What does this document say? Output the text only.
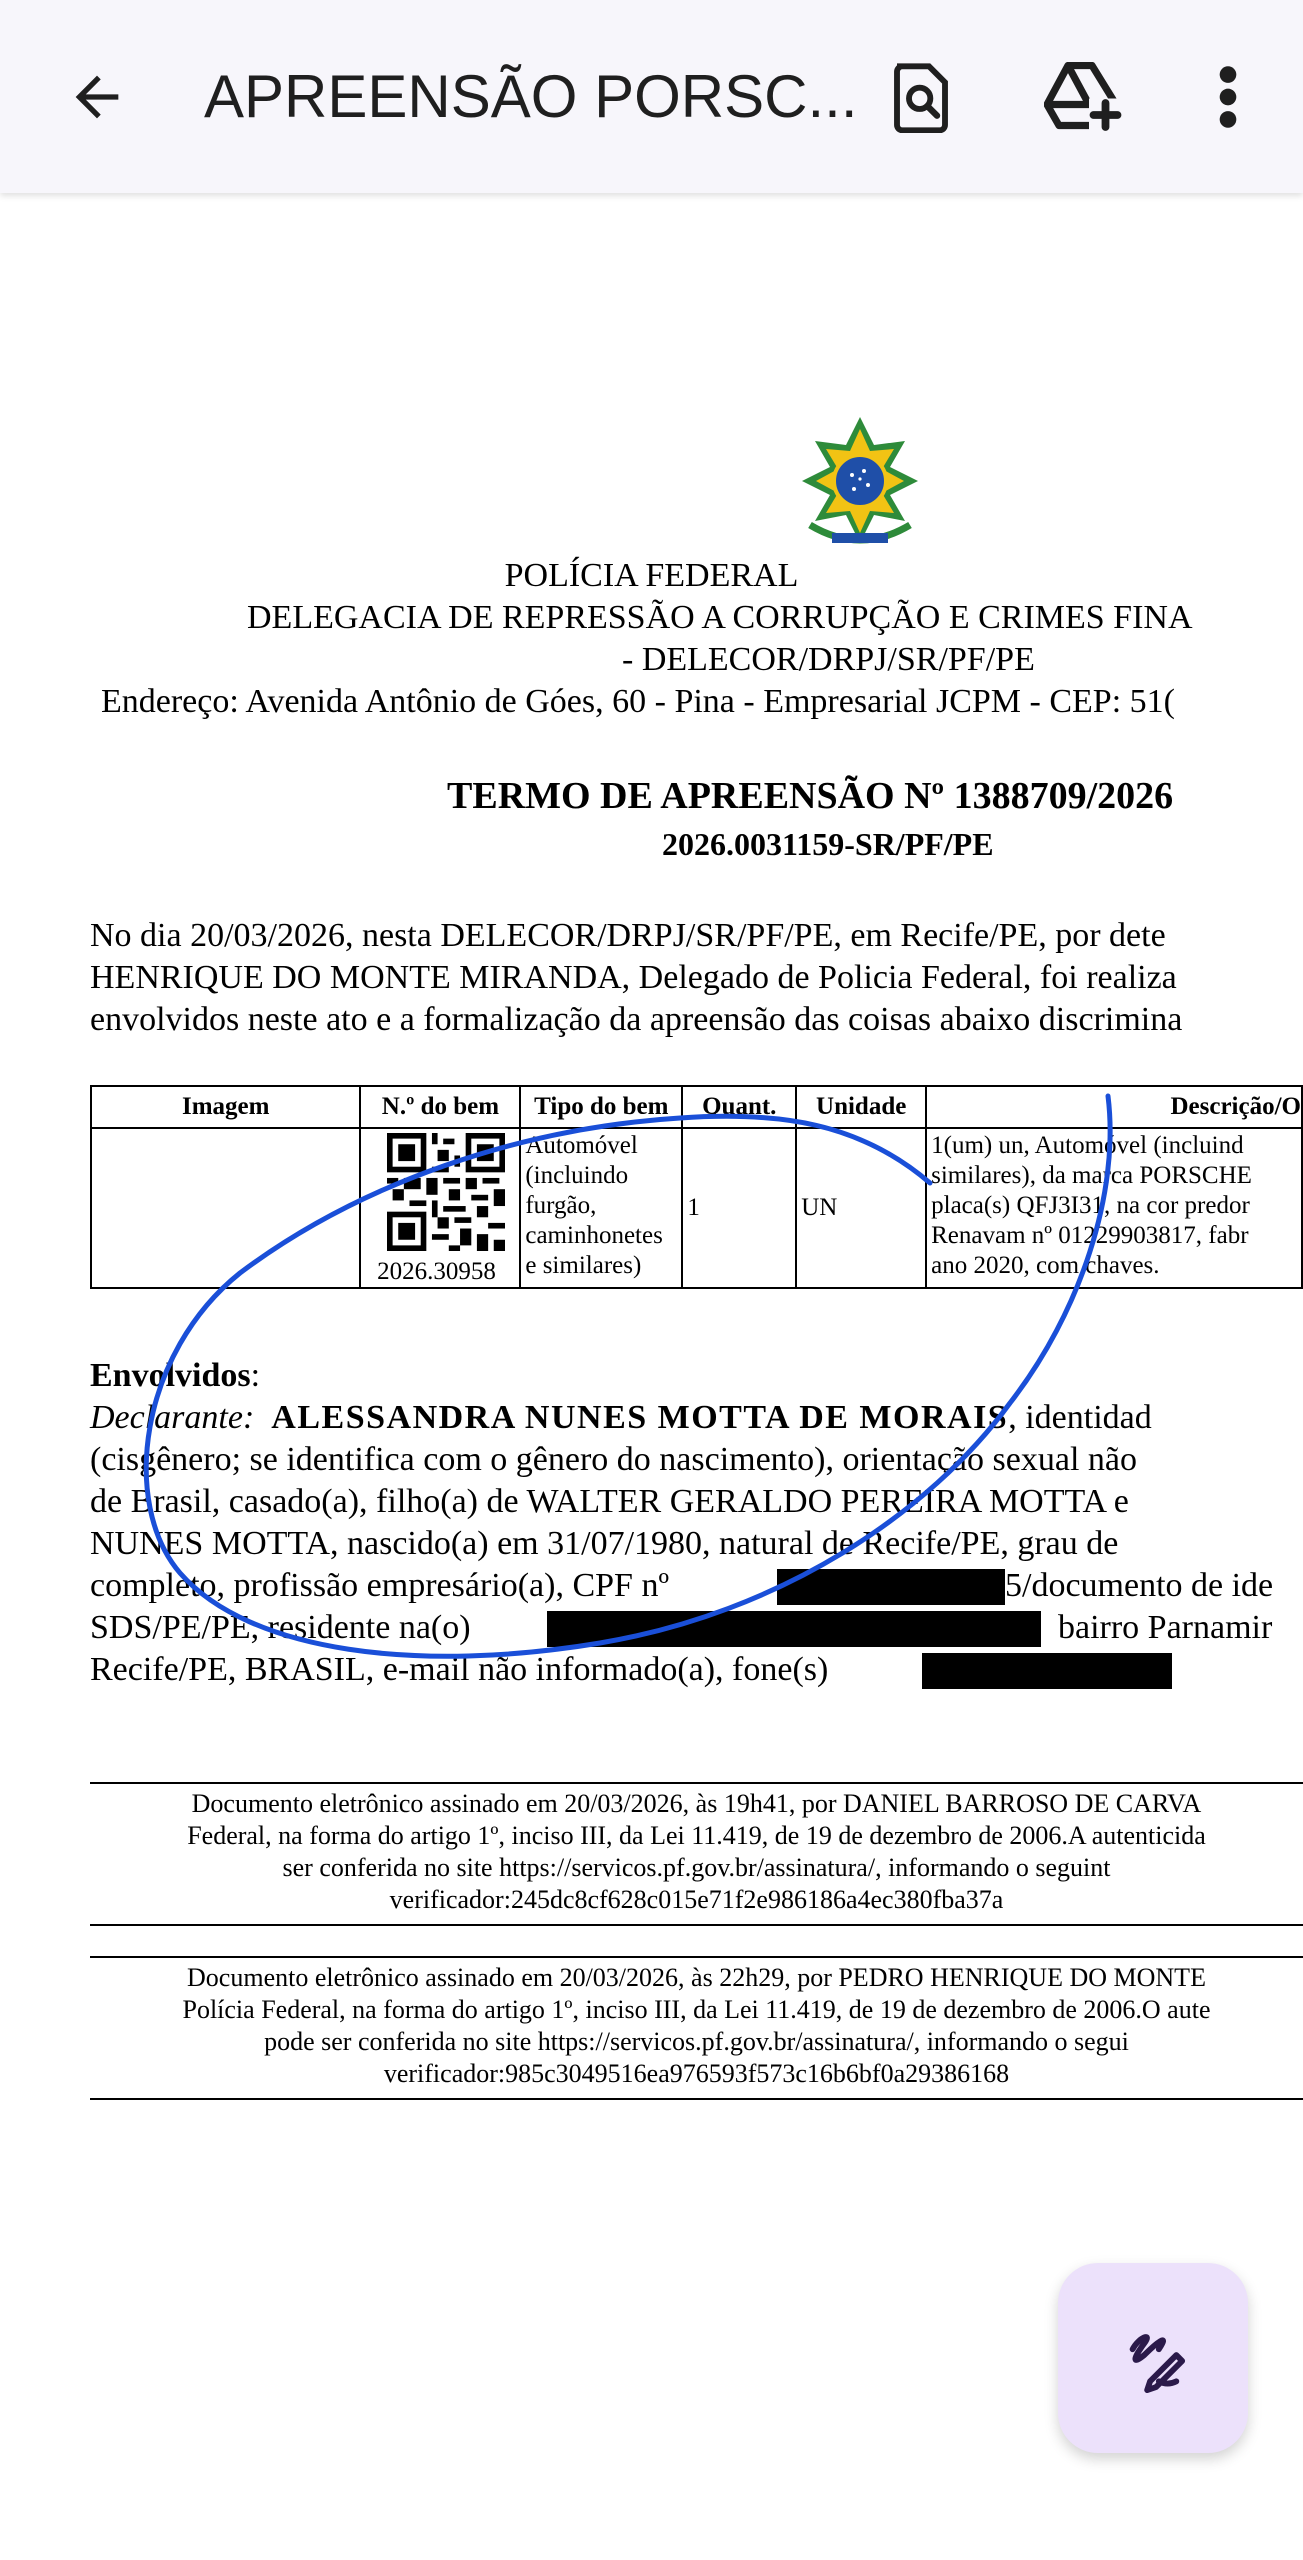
APREENSÃO PORSC...
POLÍCIA FEDERAL
DELEGACIA DE REPRESSÃO A CORRUPÇÃO E CRIMES FINA
- DELECOR/DRPJ/SR/PF/PE
Endereço: Avenida Antônio de Góes, 60 - Pina - Empresarial JCPM - CEP: 51(
TERMO DE APREENSÃO Nº 1388709/2026
2026.0031159-SR/PF/PE
No dia 20/03/2026, nesta DELECOR/DRPJ/SR/PF/PE, em Recife/PE, por dete
HENRIQUE DO MONTE MIRANDA, Delegado de Policia Federal, foi realiza
envolvidos neste ato e a formalização da apreensão das coisas abaixo discrimina
Imagem	N.º do bem	Tipo do bem	Quant.	Unidade	Descrição/O

	2026.30958	Automóvel (incluindo furgão, caminhonetes e similares)	1	UN	1(um) un, Automóvel (incluind
similares), da marca PORSCHE
placa(s) QFJ3I31, na cor predor
Renavam nº 01229903817, fabr
ano 2020, com chaves.
Envolvidos:
Declarante: ALESSANDRA NUNES MOTTA DE MORAIS, identidad
(cisgênero; se identifica com o gênero do nascimento), orientação sexual não
de Brasil, casado(a), filho(a) de WALTER GERALDO PEREIRA MOTTA e
NUNES MOTTA, nascido(a) em 31/07/1980, natural de Recife/PE, grau de
completo, profissão empresário(a), CPF nº	5/documento de ide
SDS/PE/PE, residente na(o)	bairro Parnamir
Recife/PE, BRASIL, e-mail não informado(a), fone(s)
Documento eletrônico assinado em 20/03/2026, às 19h41, por DANIEL BARROSO DE CARVA
Federal, na forma do artigo 1º, inciso III, da Lei 11.419, de 19 de dezembro de 2006.A autenticida
ser conferida no site https://servicos.pf.gov.br/assinatura/, informando o seguint
verificador:245dc8cf628c015e71f2e986186a4ec380fba37a
Documento eletrônico assinado em 20/03/2026, às 22h29, por PEDRO HENRIQUE DO MONTE
Polícia Federal, na forma do artigo 1º, inciso III, da Lei 11.419, de 19 de dezembro de 2006.O aute
pode ser conferida no site https://servicos.pf.gov.br/assinatura/, informando o segui
verificador:985c3049516ea976593f573c16b6bf0a29386168
